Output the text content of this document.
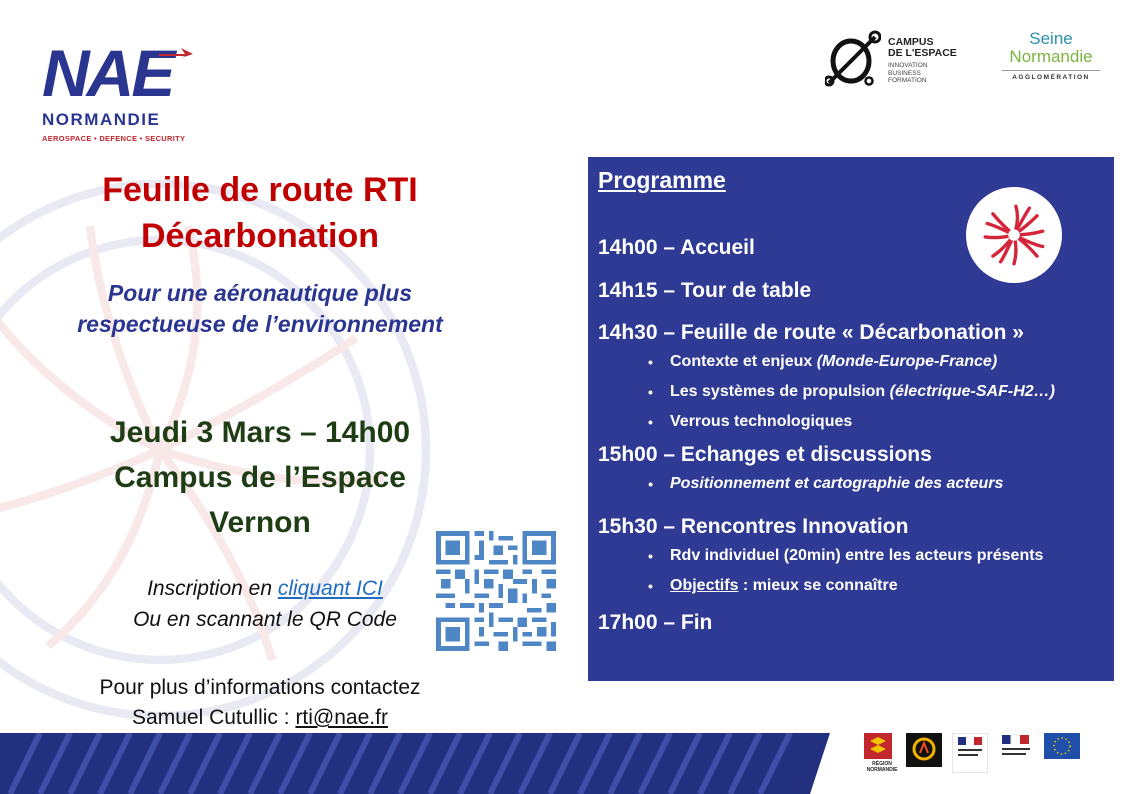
NAE
NORMANDIE
AEROSPACE • DEFENCE • SECURITY
CAMPUS
DE L'ESPACE
INNOVATION
BUSINESS
FORMATION
Seine
Normandie
AGGLOMÉRATION
Feuille de route RTI
Décarbonation
Pour une aéronautique plus
respectueuse de l’environnement
Jeudi 3 Mars – 14h00
Campus de l’Espace
Vernon
Inscription en cliquant ICI
Ou en scannant le QR Code
Pour plus d’informations contactez
Samuel Cutullic : rti@nae.fr
Programme
14h00 – Accueil
14h15 – Tour de table
14h30 – Feuille de route « Décarbonation »
• Contexte et enjeux (Monde-Europe-France)
• Les systèmes de propulsion (électrique-SAF-H2…)
• Verrous technologiques
15h00 – Echanges et discussions
• Positionnement et cartographie des acteurs
15h30 – Rencontres Innovation
• Rdv individuel (20min) entre les acteurs présents
• Objectifs : mieux se connaître
17h00 – Fin
RÉGION NORMANDIE
